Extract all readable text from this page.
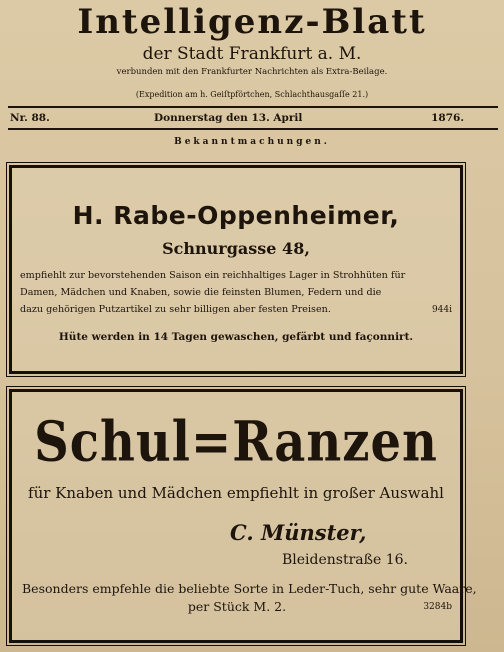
Intelligenz-Blatt
der Stadt Frankfurt a. M.
verbunden mit den Frankfurter Nachrichten als Extra-Beilage.
(Expedition am h. Geiſtpförtchen, Schlachthausgaſſe 21.)
Nr. 88.	Donnerstag den 13. April	1876.
Bekanntmachungen.
H. Rabe-Oppenheimer,
Schnurgasse 48,
empfiehlt zur bevorstehenden Saison ein reichhaltiges Lager in Strohhüten für
Damen, Mädchen und Knaben, sowie die feinsten Blumen, Federn und die
dazu gehörigen Putzartikel zu sehr billigen aber festen Preisen.	944i
Hüte werden in 14 Tagen gewaschen, gefärbt und façonnirt.
Schul=Ranzen
für Knaben und Mädchen empfiehlt in großer Auswahl
C. Münster,
Bleidenstraße 16.
Besonders empfehle die beliebte Sorte in Leder-Tuch, sehr gute Waare,
per Stück M. 2.	3284b
